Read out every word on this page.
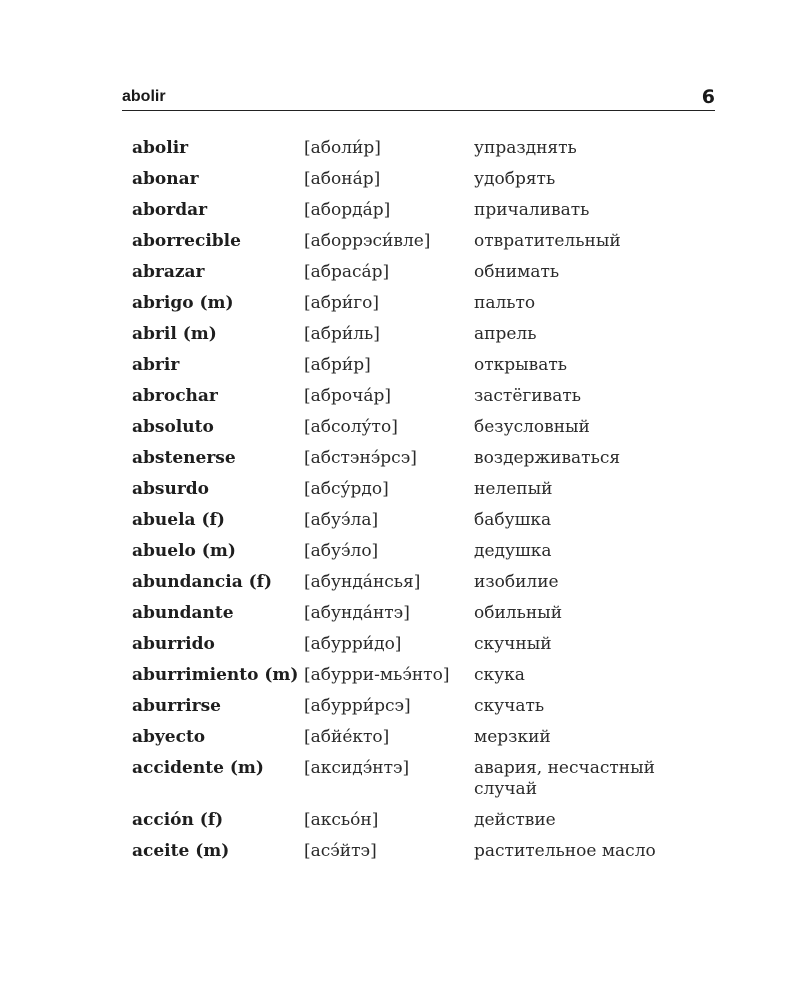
abolir	6
abolir	[аболи́р]	упразднять
abonar	[абона́р]	удобрять
abordar	[абордáр]	причаливать
aborrecible	[аборрэси́вле]	отвратительный
abrazar	[абраса́р]	обнимать
abrigo (m)	[абри́го]	пальто
abril (m)	[абри́ль]	апрель
abrir	[абри́р]	открывать
abrochar	[аброча́р]	застёгивать
absoluto	[абсолу́то]	безусловный
abstenerse	[абстэнэ́рсэ]	воздерживаться
absurdo	[абсу́рдо]	нелепый
abuela (f)	[абуэ́ла]	бабушка
abuelo (m)	[абуэ́ло]	дедушка
abundancia (f)	[абунда́нсья]	изобилие
abundante	[абунда́нтэ]	обильный
aburrido	[абурри́до]	скучный
aburrimiento (m) [абурри-мьэ́нто]	скука
aburrirse	[абурри́рсэ]	скучать
abyecto	[абйе́кто]	мерзкий
accidente (m)	[аксидэ́нтэ]	авария, несчастный случай
acción (f)	[аксьо́н]	действие
aceite (m)	[асэ́йтэ]	растительное масло
